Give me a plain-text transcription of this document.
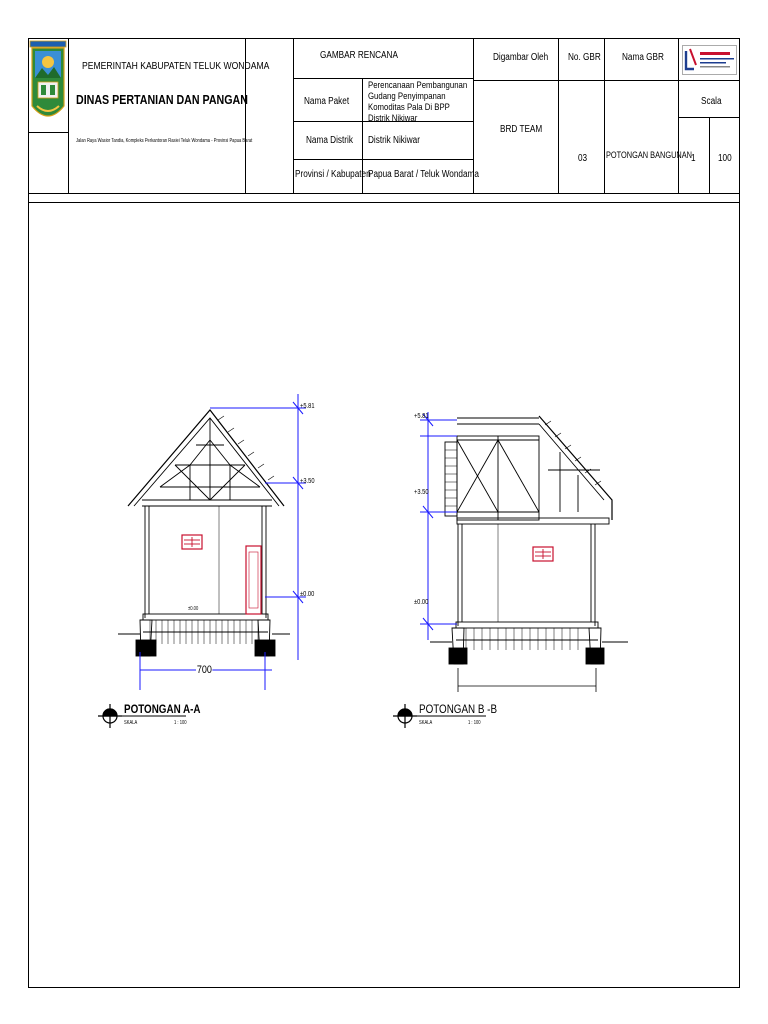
PEMERINTAH KABUPATEN TELUK WONDAMA
DINAS PERTANIAN DAN PANGAN
Jalan Raya Wasior Tandia, Kompleks Perkantoran Rasiei Teluk Wondama - Provinsi Papua Barat
GAMBAR RENCANA
Nama Paket
Perencanaan Pembangunan Gudang Penyimpanan Komoditas Pala Di BPP Distrik Nikiwar
Nama Distrik Distrik Nikiwar
Provinsi / Kabupaten
Papua Barat / Teluk Wondama
Digambar Oleh
BRD TEAM
No. GBR
03
Nama GBR
POTONGAN BANGUNAN
Scala
1 100
+5.81
+3.50
±0.00
±0.00
700
POTONGAN A-A
SKALA	1 : 100
+5.81
+3.50
±0.00
POTONGAN B -B
SKALA	1 : 100
